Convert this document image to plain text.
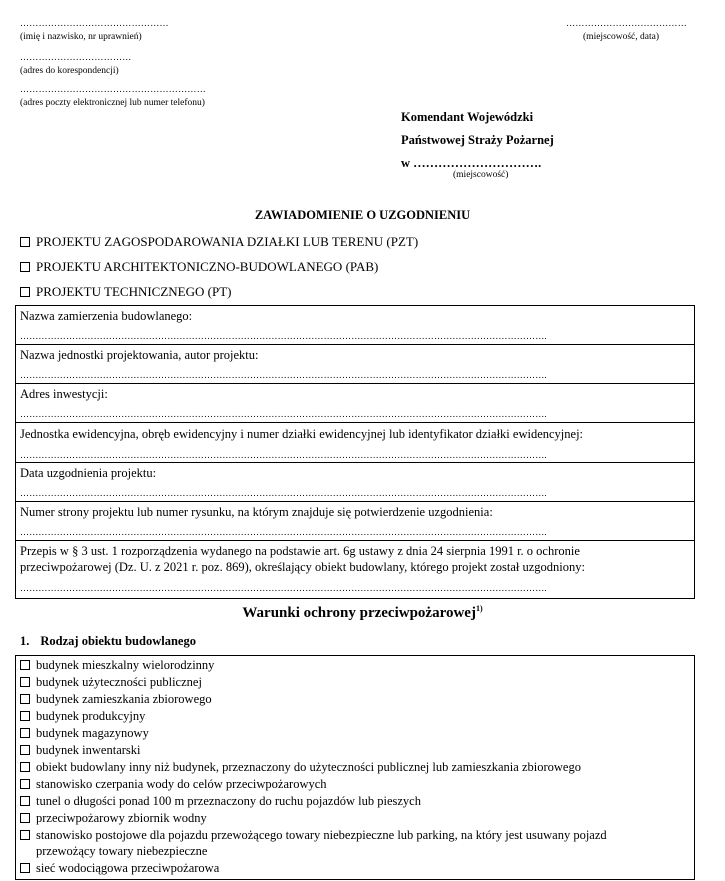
…………………………………………
(imię i nazwisko, nr uprawnień)
………………………………
(adres do korespondencji)
……………………………………………………
(adres poczty elektronicznej lub numer telefonu)
…………………………………
(miejscowość, data)
Komendant Wojewódzki
Państwowej Straży Pożarnej
w ………………………….
(miejscowość)
ZAWIADOMIENIE O UZGODNIENIU
PROJEKTU ZAGOSPODAROWANIA DZIAŁKI LUB TERENU (PZT)
PROJEKTU ARCHITEKTONICZNO-BUDOWLANEGO (PAB)
PROJEKTU TECHNICZNEGO (PT)
Nazwa zamierzenia budowlanego:
……………………………………………………………………………………………………………………………………………………….
Nazwa jednostki projektowania, autor projektu:
……………………………………………………………………………………………………………………………………………………….
Adres inwestycji:
……………………………………………………………………………………………………………………………………………………….
Jednostka ewidencyjna, obręb ewidencyjny i numer działki ewidencyjnej lub identyfikator działki ewidencyjnej:
……………………………………………………………………………………………………………………………………………………….
Data uzgodnienia projektu:
……………………………………………………………………………………………………………………………………………………….
Numer strony projektu lub numer rysunku, na którym znajduje się potwierdzenie uzgodnienia:
……………………………………………………………………………………………………………………………………………………….
Przepis w § 3 ust. 1 rozporządzenia wydanego na podstawie art. 6g ustawy z dnia 24 sierpnia 1991 r. o ochronie
przeciwpożarowej (Dz. U. z 2021 r. poz. 869), określający obiekt budowlany, którego projekt został uzgodniony:
……………………………………………………………………………………………………………………………………………………….
Warunki ochrony przeciwpożarowej$^{1)}$
1. Rodzaj obiektu budowlanego
budynek mieszkalny wielorodzinny
budynek użyteczności publicznej
budynek zamieszkania zbiorowego
budynek produkcyjny
budynek magazynowy
budynek inwentarski
obiekt budowlany inny niż budynek, przeznaczony do użyteczności publicznej lub zamieszkania zbiorowego
stanowisko czerpania wody do celów przeciwpożarowych
tunel o długości ponad 100 m przeznaczony do ruchu pojazdów lub pieszych
przeciwpożarowy zbiornik wodny
stanowisko postojowe dla pojazdu przewożącego towary niebezpieczne lub parking, na który jest usuwany pojazd
przewożący towary niebezpieczne
sieć wodociągowa przeciwpożarowa
